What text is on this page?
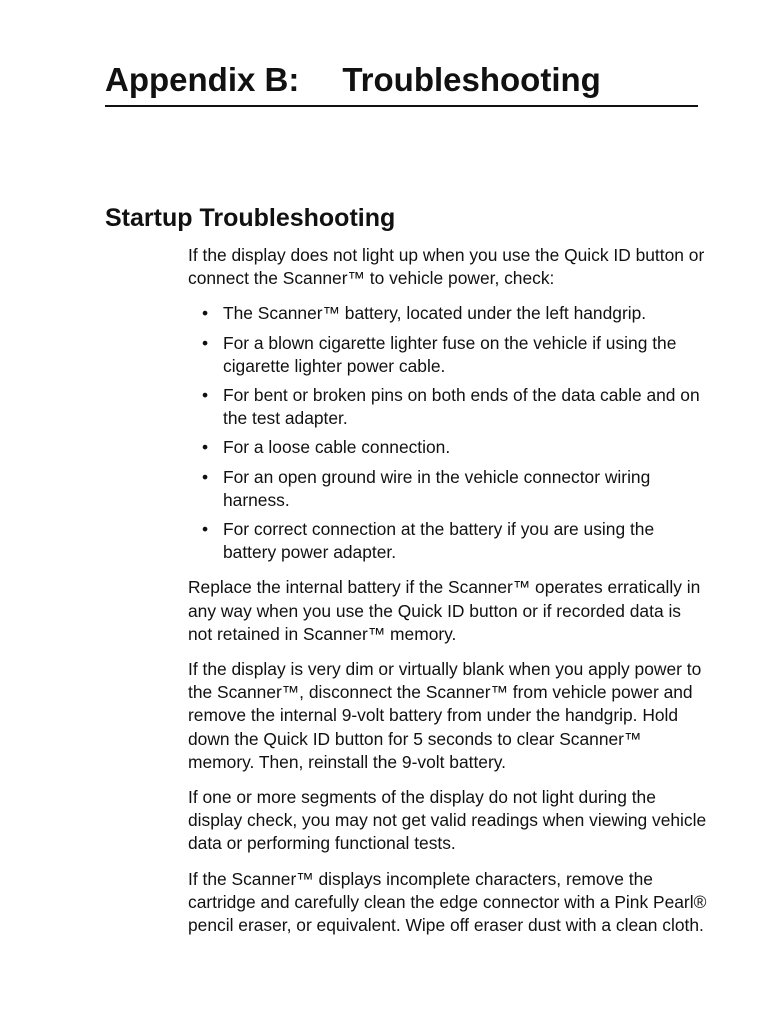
Appendix B: Troubleshooting
Startup Troubleshooting

If the display does not light up when you use the Quick ID button or connect the Scanner™ to vehicle power, check:

• The Scanner™ battery, located under the left handgrip.
• For a blown cigarette lighter fuse on the vehicle if using the cigarette lighter power cable.
• For bent or broken pins on both ends of the data cable and on the test adapter.
• For a loose cable connection.
• For an open ground wire in the vehicle connector wiring harness.
• For correct connection at the battery if you are using the battery power adapter.

Replace the internal battery if the Scanner™ operates erratically in any way when you use the Quick ID button or if recorded data is not retained in Scanner™ memory.

If the display is very dim or virtually blank when you apply power to the Scanner™, disconnect the Scanner™ from vehicle power and remove the internal 9-volt battery from under the handgrip. Hold down the Quick ID button for 5 seconds to clear Scanner™ memory. Then, reinstall the 9-volt battery.

If one or more segments of the display do not light during the display check, you may not get valid readings when viewing vehicle data or performing functional tests.

If the Scanner™ displays incomplete characters, remove the cartridge and carefully clean the edge connector with a Pink Pearl® pencil eraser, or equivalent. Wipe off eraser dust with a clean cloth.
